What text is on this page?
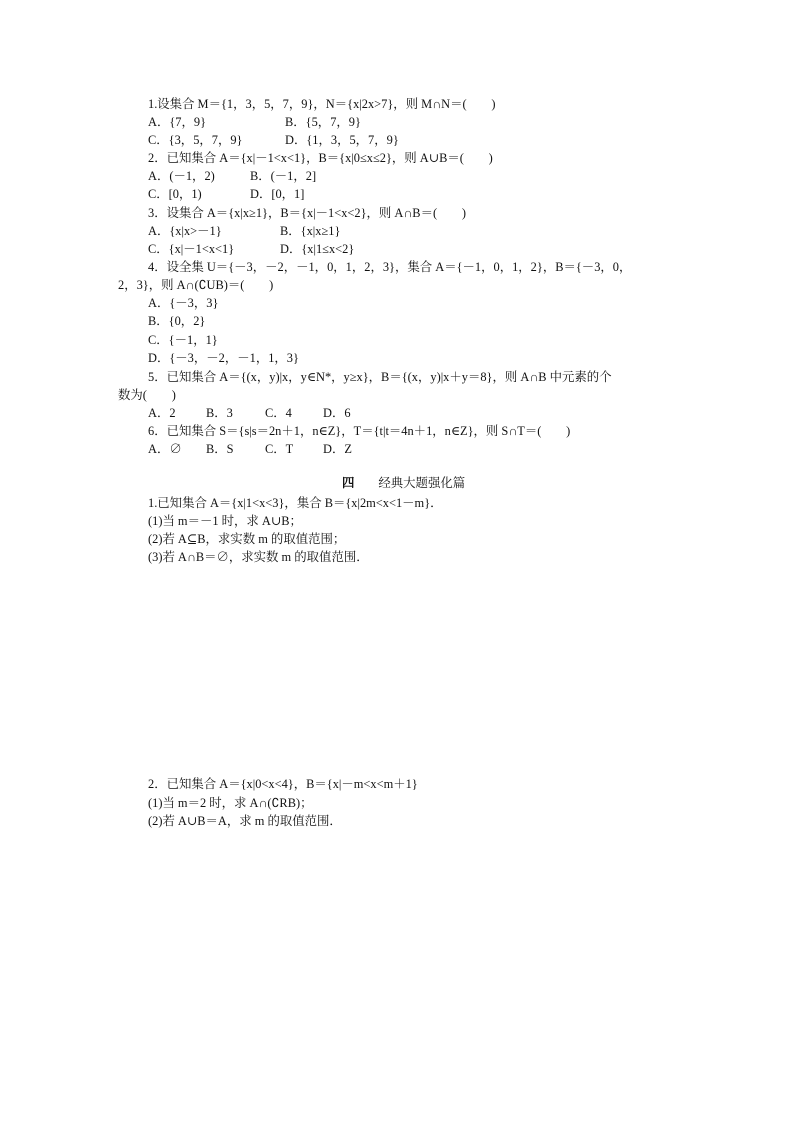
1.设集合 M＝{1，3，5，7，9}，N＝{x|2x>7}，则 M∩N＝(　　)
A．{7，9}	B．{5，7，9}
C．{3，5，7，9}	D．{1，3，5，7，9}
2．已知集合 A＝{x|－1<x<1}，B＝{x|0≤x≤2}，则 A∪B＝(　　)
A．(－1，2)	B．(－1，2]
C．[0，1)	D．[0，1]
3．设集合 A＝{x|x≥1}，B＝{x|－1<x<2}，则 A∩B＝(　　)
A．{x|x>－1}	B．{x|x≥1}
C．{x|－1<x<1}	D．{x|1≤x<2}
4．设全集 U＝{－3，－2，－1，0，1，2，3}，集合 A＝{－1，0，1，2}，B＝{－3，0，
2，3}，则 A∩(∁UB)＝(　　)
A．{－3，3}
B．{0，2}
C．{－1，1}
D．{－3，－2，－1，1，3}
5．已知集合 A＝{(x，y)|x，y∈N*，y≥x}，B＝{(x，y)|x＋y＝8}，则 A∩B 中元素的个
数为(　　)
A．2 B．3	C．4	D．6
6．已知集合 S＝{s|s＝2n＋1，n∈Z}，T＝{t|t＝4n＋1，n∈Z}，则 S∩T＝(　　)
A．∅ B．S	C．T D．Z
四 经典大题强化篇
1.已知集合 A＝{x|1<x<3}，集合 B＝{x|2m<x<1－m}．
(1)当 m＝－1 时，求 A∪B；
(2)若 A⊆B，求实数 m 的取值范围；
(3)若 A∩B＝∅，求实数 m 的取值范围．
2．已知集合 A＝{x|0<x<4}，B＝{x|－m<x<m＋1}
(1)当 m＝2 时，求 A∩(∁RB)；
(2)若 A∪B＝A，求 m 的取值范围．
